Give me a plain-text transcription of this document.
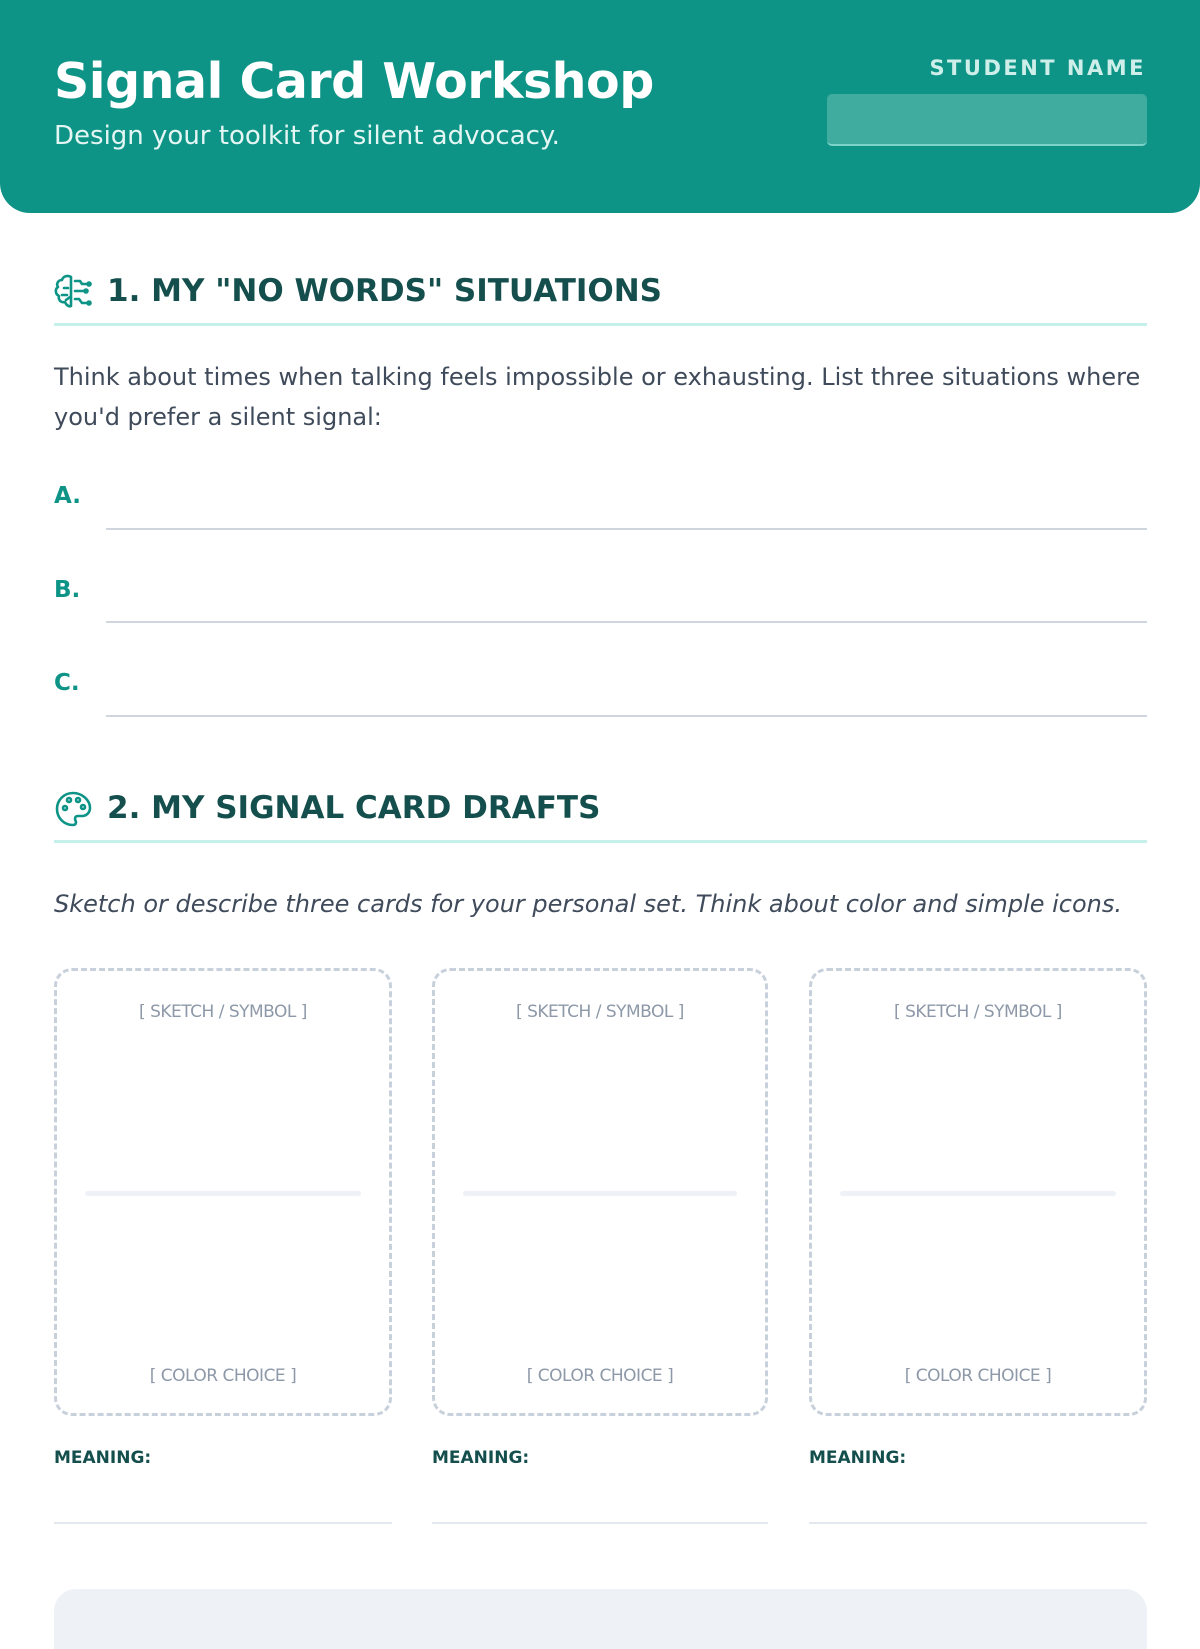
Signal Card Workshop
Design your toolkit for silent advocacy.
STUDENT NAME
1. MY "NO WORDS" SITUATIONS

Think about times when talking feels impossible or exhausting. List three situations where you'd prefer a silent signal:

A.
B.
C.
2. MY SIGNAL CARD DRAFTS

Sketch or describe three cards for your personal set. Think about color and simple icons.

[ SKETCH / SYMBOL ]
[ COLOR CHOICE ]
MEANING:
[ SKETCH / SYMBOL ]
[ COLOR CHOICE ]
MEANING:
[ SKETCH / SYMBOL ]
[ COLOR CHOICE ]
MEANING:
